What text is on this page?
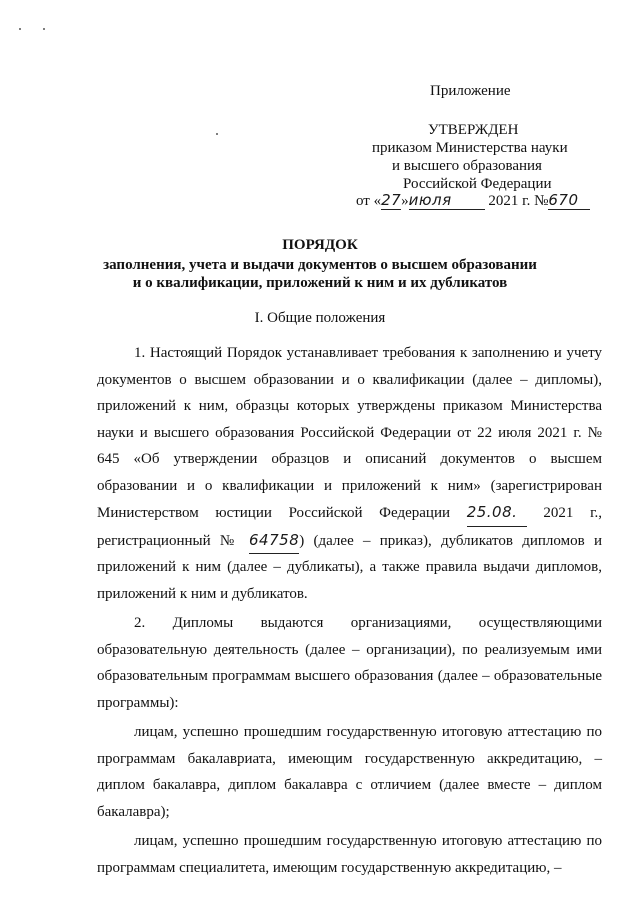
Приложение
УТВЕРЖДЕН
приказом Министерства науки
и высшего образования
Российской Федерации
от «27»июля 2021 г. №670
ПОРЯДОК
заполнения, учета и выдачи документов о высшем образовании
и о квалификации, приложений к ним и их дубликатов
I. Общие положения

1. Настоящий Порядок устанавливает требования к заполнению и учету документов о высшем образовании и о квалификации (далее – дипломы), приложений к ним, образцы которых утверждены приказом Министерства науки и высшего образования Российской Федерации от 22 июля 2021 г. № 645 «Об утверждении образцов и описаний документов о высшем образовании и о квалификации и приложений к ним» (зарегистрирован Министерством юстиции Российской Федерации 25.08. 2021 г., регистрационный № 64758) (далее – приказ), дубликатов дипломов и приложений к ним (далее – дубликаты), а также правила выдачи дипломов, приложений к ним и дубликатов.

2. Дипломы выдаются организациями, осуществляющими образовательную деятельность (далее – организации), по реализуемым ими образовательным программам высшего образования (далее – образовательные программы):

лицам, успешно прошедшим государственную итоговую аттестацию по программам бакалавриата, имеющим государственную аккредитацию, – диплом бакалавра, диплом бакалавра с отличием (далее вместе – диплом бакалавра);

лицам, успешно прошедшим государственную итоговую аттестацию по программам специалитета, имеющим государственную аккредитацию, –
